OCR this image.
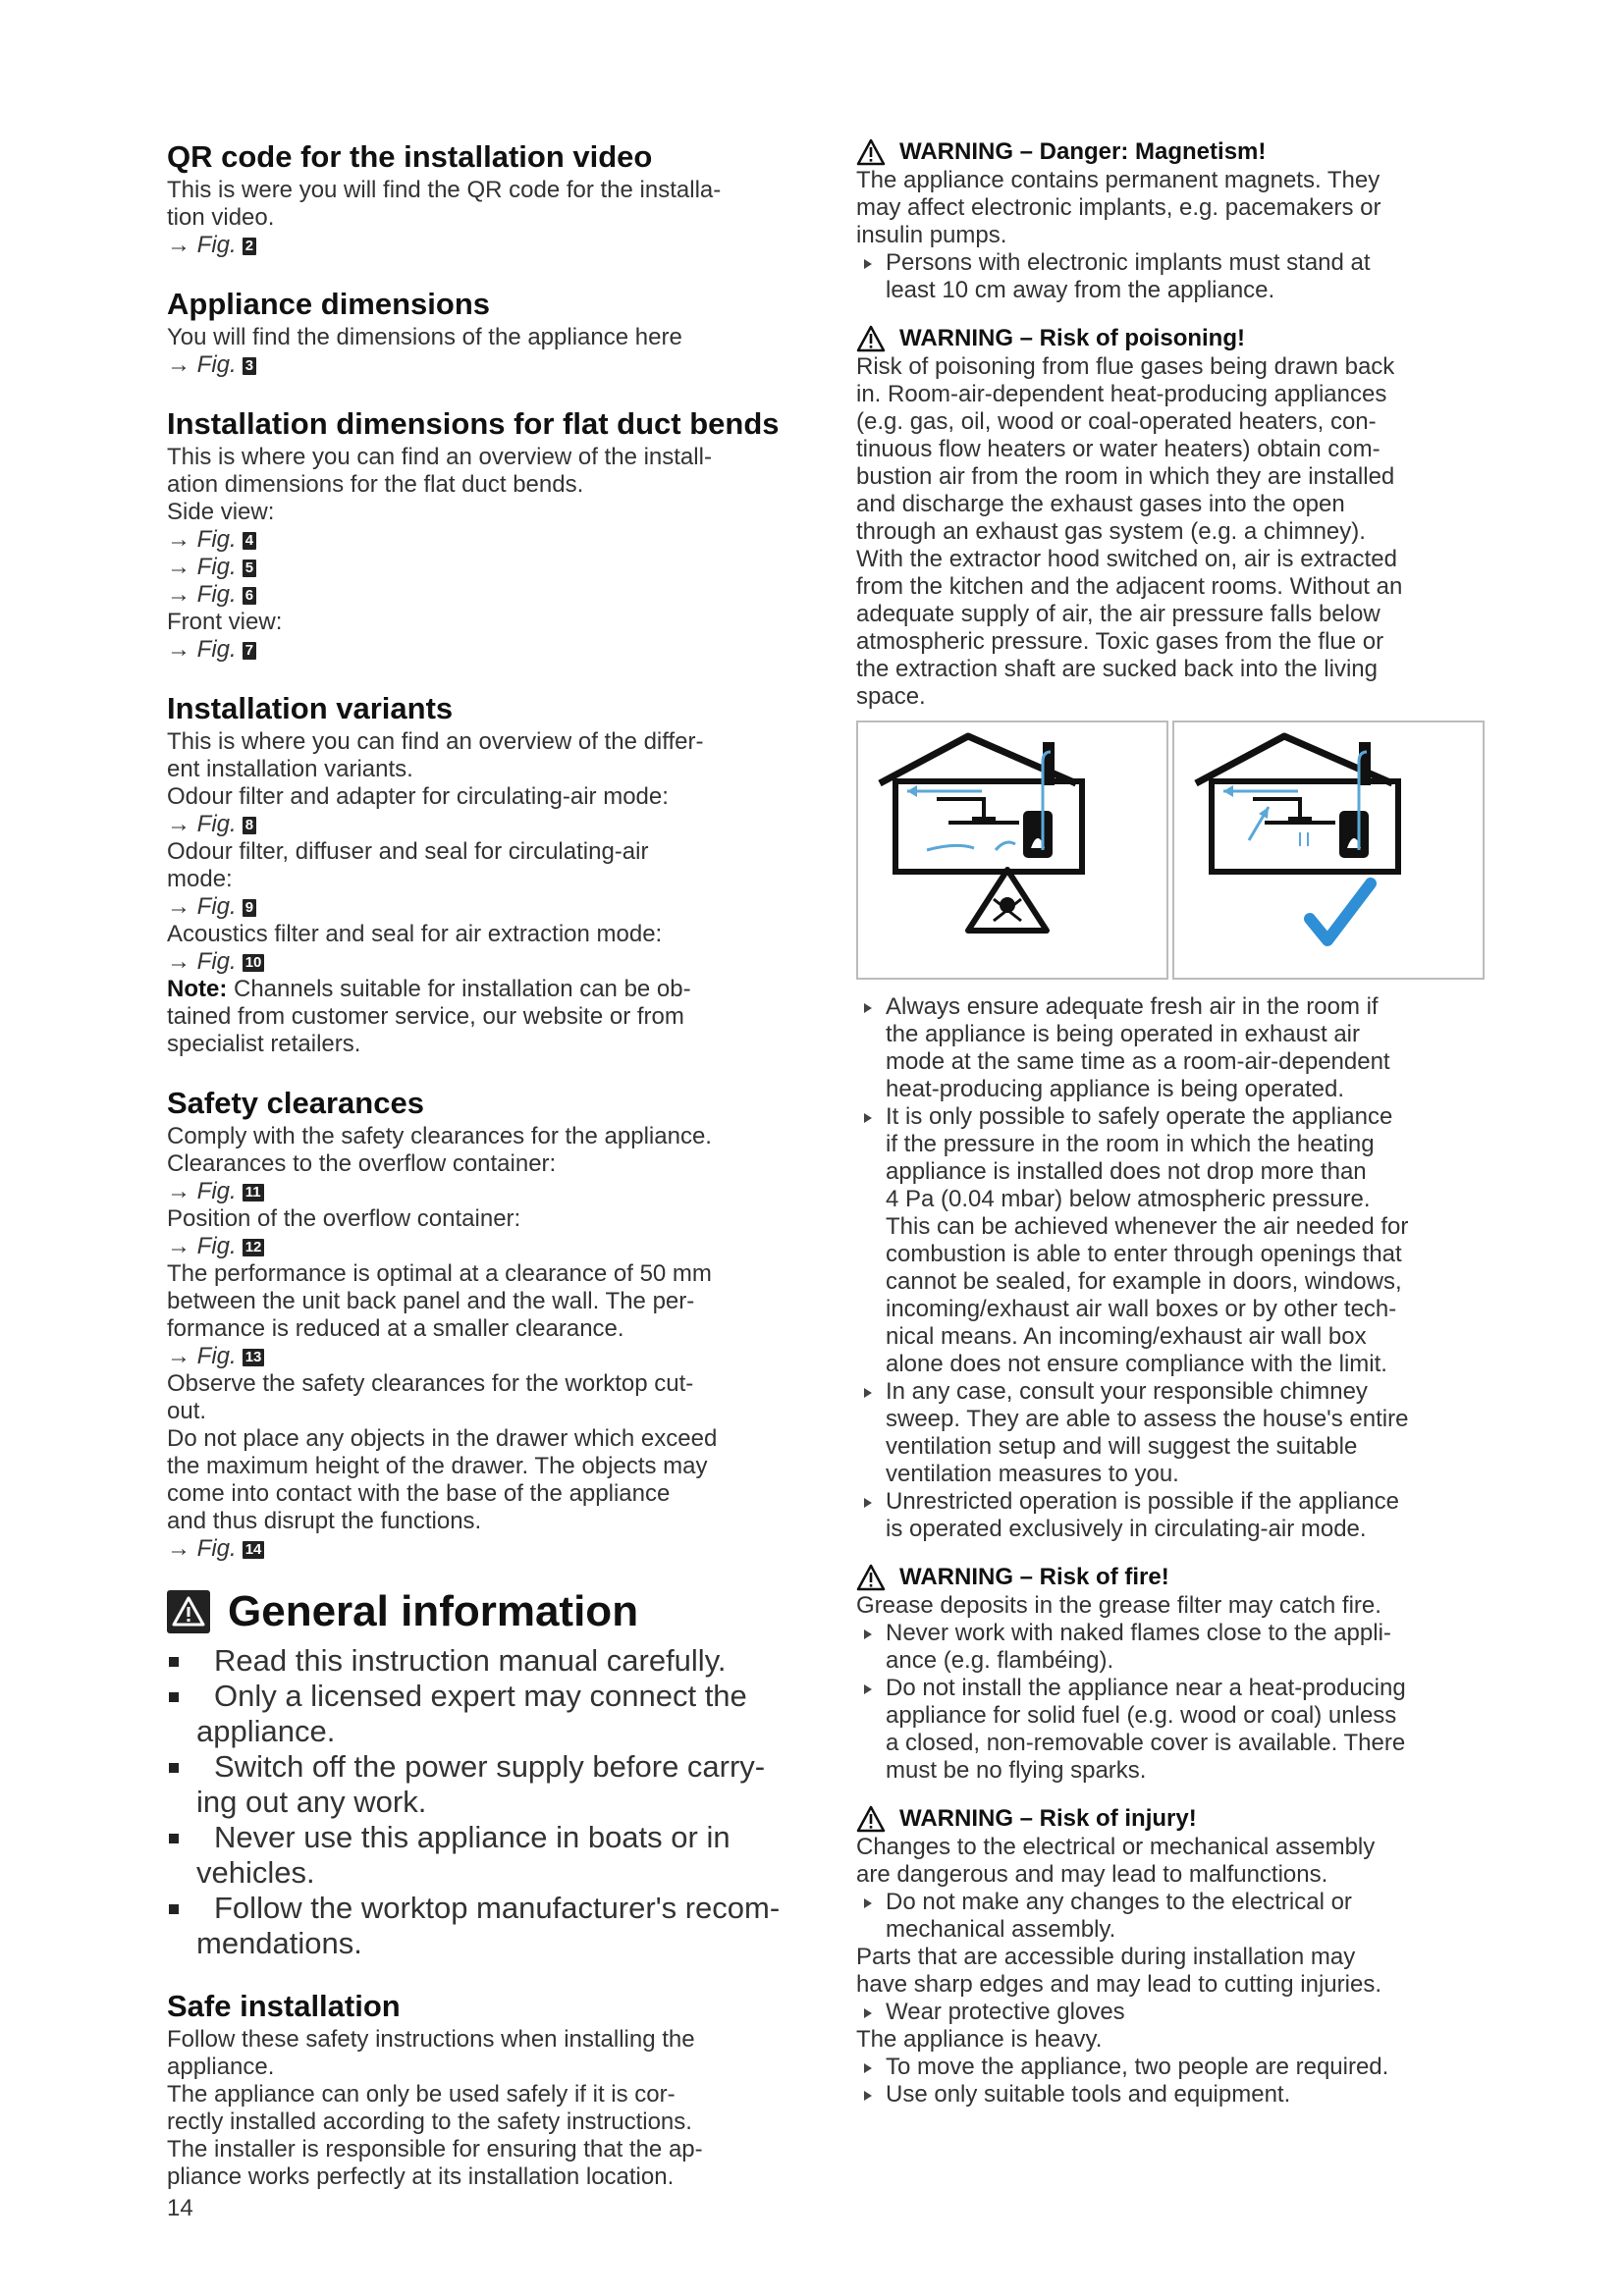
QR code for the installation video
This is were you will find the QR code for the installa-
tion video.
→ Fig. 2
Appliance dimensions
You will find the dimensions of the appliance here
→ Fig. 3
Installation dimensions for flat duct bends
This is where you can find an overview of the install-
ation dimensions for the flat duct bends.
Side view:
→ Fig. 4
→ Fig. 5
→ Fig. 6
Front view:
→ Fig. 7
Installation variants
This is where you can find an overview of the differ-
ent installation variants.
Odour filter and adapter for circulating-air mode:
→ Fig. 8
Odour filter, diffuser and seal for circulating-air
mode:
→ Fig. 9
Acoustics filter and seal for air extraction mode:
→ Fig. 10
Note: Channels suitable for installation can be ob-
tained from customer service, our website or from
specialist retailers.
Safety clearances
Comply with the safety clearances for the appliance.
Clearances to the overflow container:
→ Fig. 11
Position of the overflow container:
→ Fig. 12
The performance is optimal at a clearance of 50 mm
between the unit back panel and the wall. The per-
formance is reduced at a smaller clearance.
→ Fig. 13
Observe the safety clearances for the worktop cut-
out.
Do not place any objects in the drawer which exceed
the maximum height of the drawer. The objects may
come into contact with the base of the appliance
and thus disrupt the functions.
→ Fig. 14
General information
Read this instruction manual carefully.
Only a licensed expert may connect the
appliance.
Switch off the power supply before carry-
ing out any work.
Never use this appliance in boats or in
vehicles.
Follow the worktop manufacturer's recom-
mendations.
Safe installation
Follow these safety instructions when installing the
appliance.
The appliance can only be used safely if it is cor-
rectly installed according to the safety instructions.
The installer is responsible for ensuring that the ap-
pliance works perfectly at its installation location.
WARNING – Danger: Magnetism!
The appliance contains permanent magnets. They
may affect electronic implants, e.g. pacemakers or
insulin pumps.
Persons with electronic implants must stand at
least 10 cm away from the appliance.
WARNING – Risk of poisoning!
Risk of poisoning from flue gases being drawn back
in. Room-air-dependent heat-producing appliances
(e.g. gas, oil, wood or coal-operated heaters, con-
tinuous flow heaters or water heaters) obtain com-
bustion air from the room in which they are installed
and discharge the exhaust gases into the open
through an exhaust gas system (e.g. a chimney).
With the extractor hood switched on, air is extracted
from the kitchen and the adjacent rooms. Without an
adequate supply of air, the air pressure falls below
atmospheric pressure. Toxic gases from the flue or
the extraction shaft are sucked back into the living
space.
Always ensure adequate fresh air in the room if
the appliance is being operated in exhaust air
mode at the same time as a room-air-dependent
heat-producing appliance is being operated.
It is only possible to safely operate the appliance
if the pressure in the room in which the heating
appliance is installed does not drop more than
4 Pa (0.04 mbar) below atmospheric pressure.
This can be achieved whenever the air needed for
combustion is able to enter through openings that
cannot be sealed, for example in doors, windows,
incoming/exhaust air wall boxes or by other tech-
nical means. An incoming/exhaust air wall box
alone does not ensure compliance with the limit.
In any case, consult your responsible chimney
sweep. They are able to assess the house's entire
ventilation setup and will suggest the suitable
ventilation measures to you.
Unrestricted operation is possible if the appliance
is operated exclusively in circulating-air mode.
WARNING – Risk of fire!
Grease deposits in the grease filter may catch fire.
Never work with naked flames close to the appli-
ance (e.g. flambéing).
Do not install the appliance near a heat-producing
appliance for solid fuel (e.g. wood or coal) unless
a closed, non-removable cover is available. There
must be no flying sparks.
WARNING – Risk of injury!
Changes to the electrical or mechanical assembly
are dangerous and may lead to malfunctions.
Do not make any changes to the electrical or
mechanical assembly.
Parts that are accessible during installation may
have sharp edges and may lead to cutting injuries.
Wear protective gloves
The appliance is heavy.
To move the appliance, two people are required.
Use only suitable tools and equipment.
14
